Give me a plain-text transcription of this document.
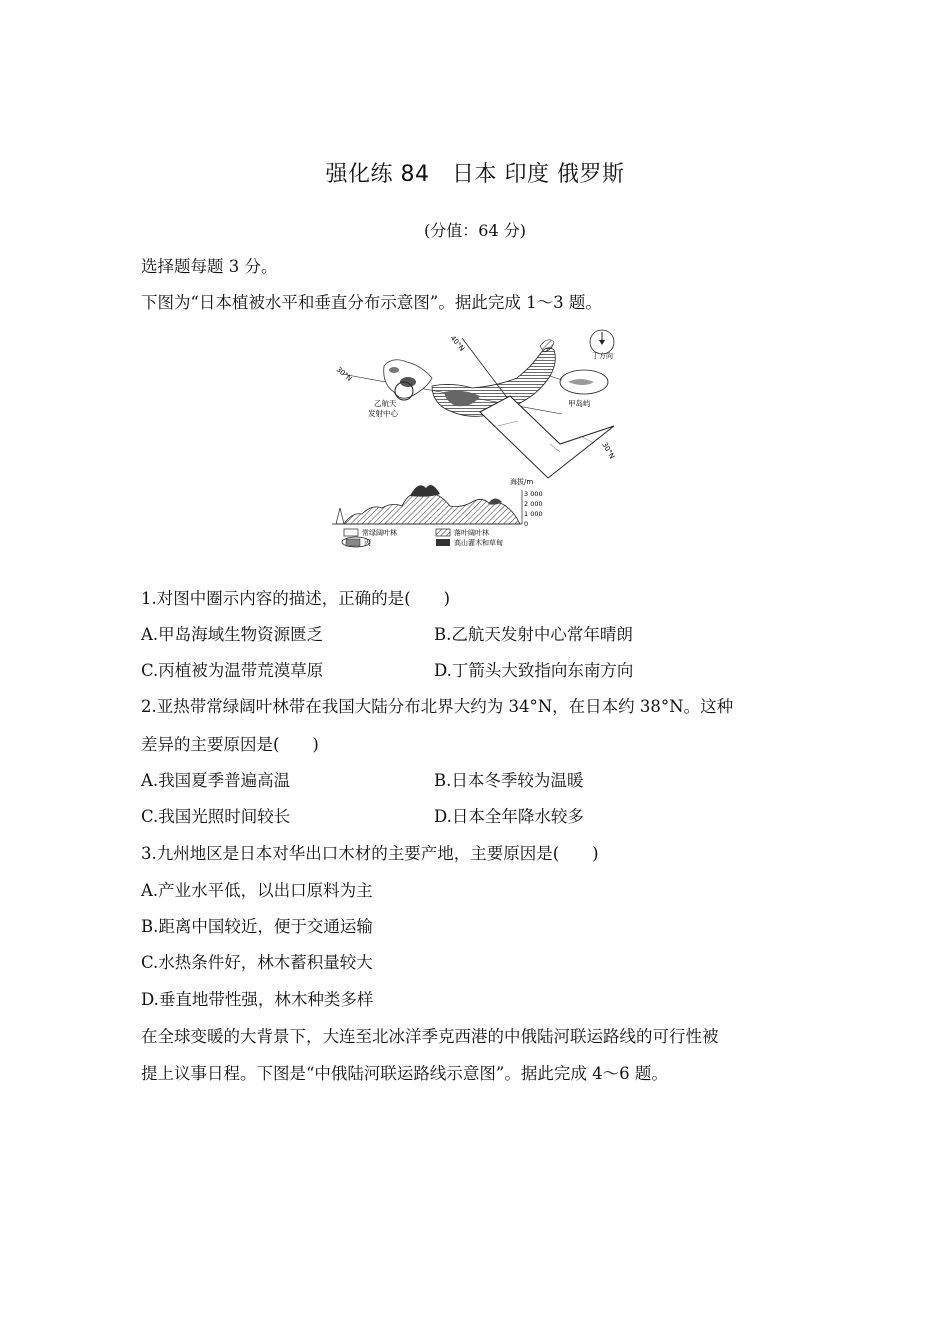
强化练 84　日本 印度 俄罗斯
(分值：64 分)
选择题每题 3 分。
下图为“日本植被水平和垂直分布示意图”。据此完成 1～3 题。
40°N
30°N
30°N
甲岛屿
丁方向
乙航天
发射中心
海拔/m
3 000
2 000
1 000
0
常绿阔叶林	落叶阔叶林
丙	高山灌木和草甸
1.对图中圈示内容的描述，正确的是(　　)
A.甲岛海域生物资源匮乏	B.乙航天发射中心常年晴朗
C.丙植被为温带荒漠草原	D.丁箭头大致指向东南方向
2.亚热带常绿阔叶林带在我国大陆分布北界大约为 34°N，在日本约 38°N。这种
差异的主要原因是(　　)
A.我国夏季普遍高温	B.日本冬季较为温暖
C.我国光照时间较长	D.日本全年降水较多
3.九州地区是日本对华出口木材的主要产地，主要原因是(　　)
A.产业水平低，以出口原料为主
B.距离中国较近，便于交通运输
C.水热条件好，林木蓄积量较大
D.垂直地带性强，林木种类多样
在全球变暖的大背景下，大连至北冰洋季克西港的中俄陆河联运路线的可行性被
提上议事日程。下图是“中俄陆河联运路线示意图”。据此完成 4～6 题。
